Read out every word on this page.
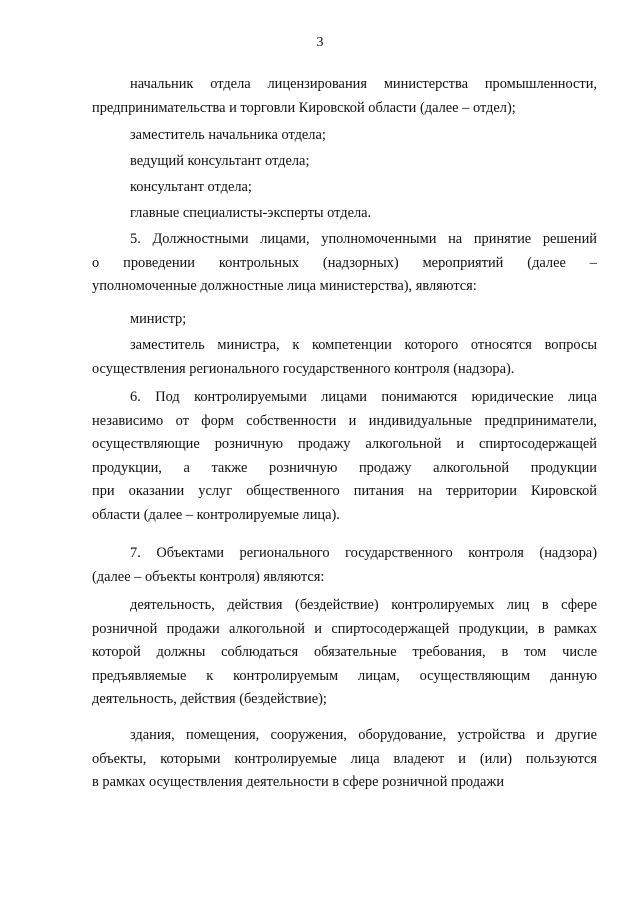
3
начальник отдела лицензирования министерства промышленности,
предпринимательства и торговли Кировской области (далее – отдел);
заместитель начальника отдела;
ведущий консультант отдела;
консультант отдела;
главные специалисты-эксперты отдела.
5. Должностными лицами, уполномоченными на принятие решений
о проведении контрольных (надзорных) мероприятий (далее –
уполномоченные должностные лица министерства), являются:
министр;
заместитель министра, к компетенции которого относятся вопросы
осуществления регионального государственного контроля (надзора).
6. Под контролируемыми лицами понимаются юридические лица
независимо от форм собственности и индивидуальные предприниматели,
осуществляющие розничную продажу алкогольной и спиртосодержащей
продукции, а также розничную продажу алкогольной продукции
при оказании услуг общественного питания на территории Кировской
области (далее – контролируемые лица).
7. Объектами регионального государственного контроля (надзора)
(далее – объекты контроля) являются:
деятельность, действия (бездействие) контролируемых лиц в сфере
розничной продажи алкогольной и спиртосодержащей продукции, в рамках
которой должны соблюдаться обязательные требования, в том числе
предъявляемые к контролируемым лицам, осуществляющим данную
деятельность, действия (бездействие);
здания, помещения, сооружения, оборудование, устройства и другие
объекты, которыми контролируемые лица владеют и (или) пользуются
в рамках осуществления деятельности в сфере розничной продажи
